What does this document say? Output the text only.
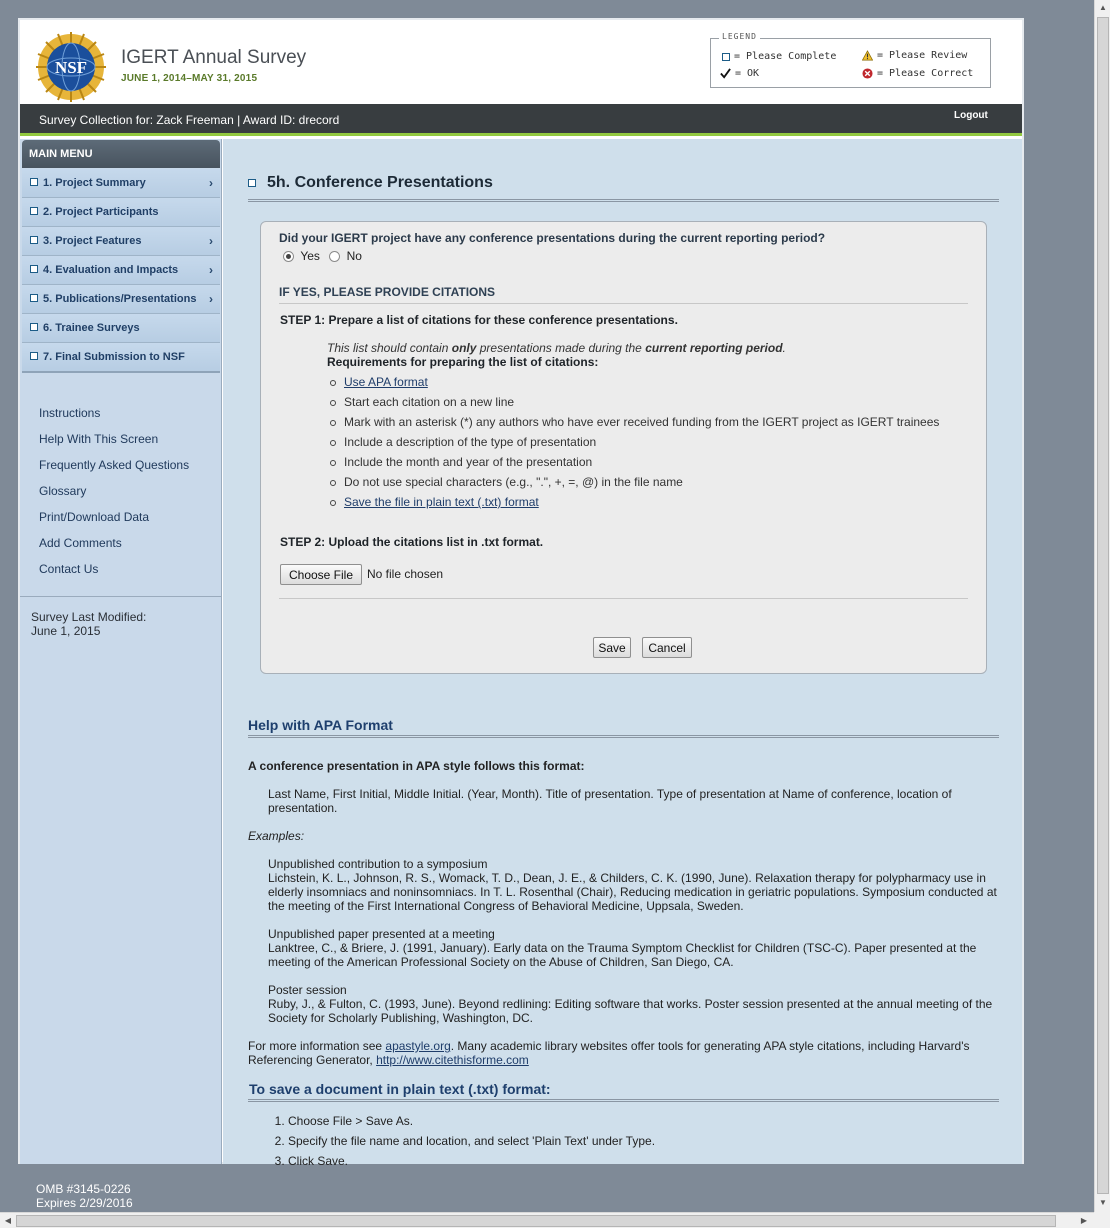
NSF IGERT Annual Survey
JUNE 1, 2014–MAY 31, 2015
LEGEND
= Please Complete	= Please Review
= OK	= Please Correct
Survey Collection for: Zack Freeman | Award ID: drecord	Logout
MAIN MENU
1. Project Summary	›
2. Project Participants
3. Project Features	›
4. Evaluation and Impacts	›
5. Publications/Presentations ›
6. Trainee Surveys
7. Final Submission to NSF
Instructions
Help With This Screen
Frequently Asked Questions
Glossary
Print/Download Data
Add Comments
Contact Us
Survey Last Modified:
June 1, 2015
5h. Conference Presentations
Did your IGERT project have any conference presentations during the current reporting period?
Yes No
IF YES, PLEASE PROVIDE CITATIONS
STEP 1: Prepare a list of citations for these conference presentations.
This list should contain only presentations made during the current reporting period.
Requirements for preparing the list of citations:
Use APA format
Start each citation on a new line
Mark with an asterisk (*) any authors who have ever received funding from the IGERT project as IGERT trainees
Include a description of the type of presentation
Include the month and year of the presentation
Do not use special characters (e.g., ".", +, =, @) in the file name
Save the file in plain text (.txt) format
STEP 2: Upload the citations list in .txt format.
Choose File	No file chosen
Save	Cancel
Help with APA Format
A conference presentation in APA style follows this format:
Last Name, First Initial, Middle Initial. (Year, Month). Title of presentation. Type of presentation at Name of conference, location of presentation.
Examples:
Unpublished contribution to a symposium
Lichstein, K. L., Johnson, R. S., Womack, T. D., Dean, J. E., & Childers, C. K. (1990, June). Relaxation therapy for polypharmacy use in elderly insomniacs and noninsomniacs. In T. L. Rosenthal (Chair), Reducing medication in geriatric populations. Symposium conducted at the meeting of the First International Congress of Behavioral Medicine, Uppsala, Sweden.
Unpublished paper presented at a meeting
Lanktree, C., & Briere, J. (1991, January). Early data on the Trauma Symptom Checklist for Children (TSC-C). Paper presented at the meeting of the American Professional Society on the Abuse of Children, San Diego, CA.
Poster session
Ruby, J., & Fulton, C. (1993, June). Beyond redlining: Editing software that works. Poster session presented at the annual meeting of the Society for Scholarly Publishing, Washington, DC.
For more information see apastyle.org. Many academic library websites offer tools for generating APA style citations, including Harvard's Referencing Generator, http://www.citethisforme.com
To save a document in plain text (.txt) format:
1. Choose File > Save As.
2. Specify the file name and location, and select 'Plain Text' under Type.
3. Click Save.
OMB #3145-0226
Expires 2/29/2016
▲
▼
◀	▶
